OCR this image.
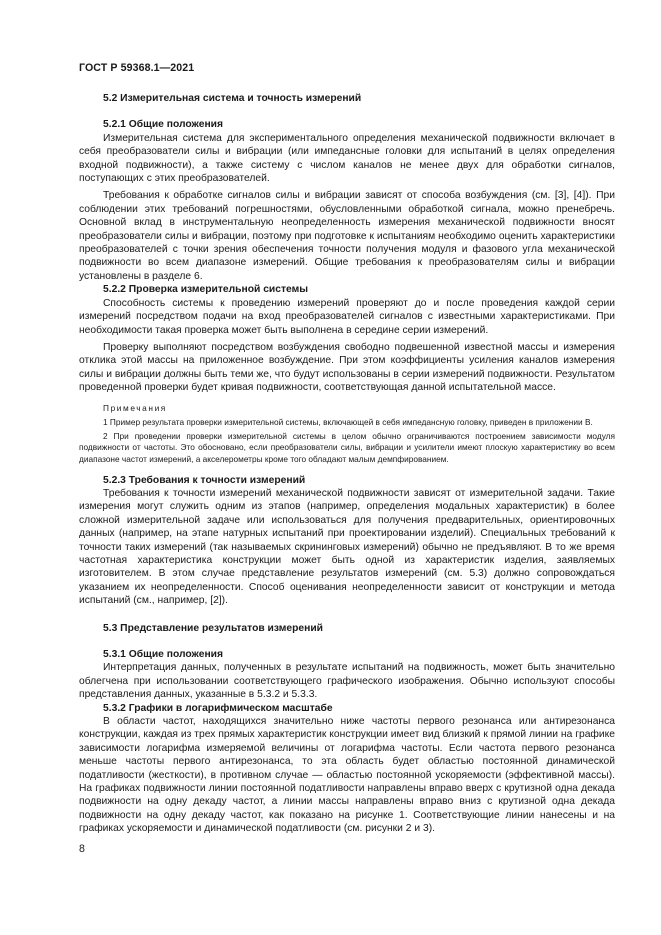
ГОСТ Р 59368.1—2021
5.2 Измерительная система и точность измерений
5.2.1 Общие положения

Измерительная система для экспериментального определения механической подвижности включает в себя преобразователи силы и вибрации (или импедансные головки для испытаний в целях определения входной подвижности), а также систему с числом каналов не менее двух для обработки сигналов, поступающих с этих преобразователей.

Требования к обработке сигналов силы и вибрации зависят от способа возбуждения (см. [3], [4]). При соблюдении этих требований погрешностями, обусловленными обработкой сигнала, можно пренебречь. Основной вклад в инструментальную неопределенность измерения механической подвижности вносят преобразователи силы и вибрации, поэтому при подготовке к испытаниям необходимо оценить характеристики преобразователей с точки зрения обеспечения точности получения модуля и фазового угла механической подвижности во всем диапазоне измерений. Общие требования к преобразователям силы и вибрации установлены в разделе 6.

5.2.2 Проверка измерительной системы

Способность системы к проведению измерений проверяют до и после проведения каждой серии измерений посредством подачи на вход преобразователей сигналов с известными характеристиками. При необходимости такая проверка может быть выполнена в середине серии измерений.

Проверку выполняют посредством возбуждения свободно подвешенной известной массы и измерения отклика этой массы на приложенное возбуждение. При этом коэффициенты усиления каналов измерения силы и вибрации должны быть теми же, что будут использованы в серии измерений подвижности. Результатом проведенной проверки будет кривая подвижности, соответствующая данной испытательной массе.

Примечания

1 Пример результата проверки измерительной системы, включающей в себя импедансную головку, приведен в приложении В.

2 При проведении проверки измерительной системы в целом обычно ограничиваются построением зависимости модуля подвижности от частоты. Это обосновано, если преобразователи силы, вибрации и усилители имеют плоскую характеристику во всем диапазоне частот измерений, а акселерометры кроме того обладают малым демпфированием.

5.2.3 Требования к точности измерений

Требования к точности измерений механической подвижности зависят от измерительной задачи. Такие измерения могут служить одним из этапов (например, определения модальных характеристик) в более сложной измерительной задаче или использоваться для получения предварительных, ориентировочных данных (например, на этапе натурных испытаний при проектировании изделий). Специальных требований к точности таких измерений (так называемых скрининговых измерений) обычно не предъявляют. В то же время частотная характеристика конструкции может быть одной из характеристик изделия, заявляемых изготовителем. В этом случае представление результатов измерений (см. 5.3) должно сопровождаться указанием их неопределенности. Способ оценивания неопределенности зависит от конструкции и метода испытаний (см., например, [2]).

5.3 Представление результатов измерений
5.3.1 Общие положения

Интерпретация данных, полученных в результате испытаний на подвижность, может быть значительно облегчена при использовании соответствующего графического изображения. Обычно используют способы представления данных, указанные в 5.3.2 и 5.3.3.

5.3.2 Графики в логарифмическом масштабе

В области частот, находящихся значительно ниже частоты первого резонанса или антирезонанса конструкции, каждая из трех прямых характеристик конструкции имеет вид близкий к прямой линии на графике зависимости логарифма измеряемой величины от логарифма частоты. Если частота первого резонанса меньше частоты первого антирезонанса, то эта область будет областью постоянной динамической податливости (жесткости), в противном случае — областью постоянной ускоряемости (эффективной массы). На графиках подвижности линии постоянной податливости направлены вправо вверх с крутизной одна декада подвижности на одну декаду частот, а линии массы направлены вправо вниз с крутизной одна декада подвижности на одну декаду частот, как показано на рисунке 1. Соответствующие линии нанесены и на графиках ускоряемости и динамической податливости (см. рисунки 2 и 3).

8
